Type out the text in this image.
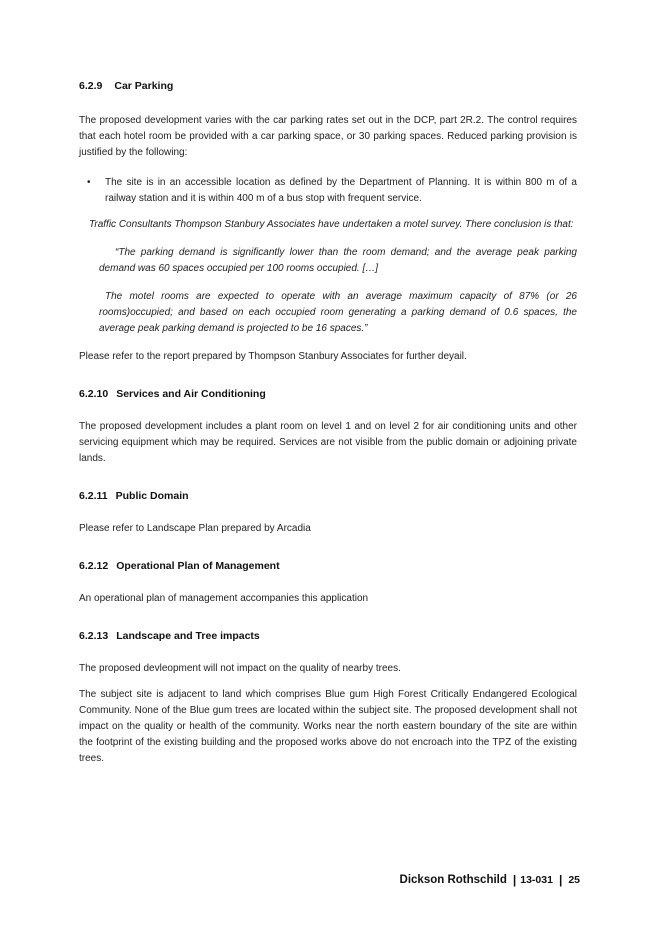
6.2.9 Car Parking

The proposed development varies with the car parking rates set out in the DCP, part 2R.2. The control requires that each hotel room be provided with a car parking space, or 30 parking spaces. Reduced parking provision is justified by the following:

• The site is in an accessible location as defined by the Department of Planning. It is within 800 m of a railway station and it is within 400 m of a bus stop with frequent service.

Traffic Consultants Thompson Stanbury Associates have undertaken a motel survey. There conclusion is that:

“The parking demand is significantly lower than the room demand; and the average peak parking demand was 60 spaces occupied per 100 rooms occupied. […]

The motel rooms are expected to operate with an average maximum capacity of 87% (or 26 rooms)occupied; and based on each occupied room generating a parking demand of 0.6 spaces, the average peak parking demand is projected to be 16 spaces.”

Please refer to the report prepared by Thompson Stanbury Associates for further deyail.

6.2.10 Services and Air Conditioning

The proposed development includes a plant room on level 1 and on level 2 for air conditioning units and other servicing equipment which may be required. Services are not visible from the public domain or adjoining private lands.

6.2.11 Public Domain

Please refer to Landscape Plan prepared by Arcadia

6.2.12 Operational Plan of Management

An operational plan of management accompanies this application

6.2.13 Landscape and Tree impacts

The proposed devleopment will not impact on the quality of nearby trees.

The subject site is adjacent to land which comprises Blue gum High Forest Critically Endangered Ecological Community. None of the Blue gum trees are located within the subject site. The proposed development shall not impact on the quality or health of the community. Works near the north eastern boundary of the site are within the footprint of the existing building and the proposed works above do not encroach into the TPZ of the existing trees.

Dickson Rothschild | 13-031 | 25
